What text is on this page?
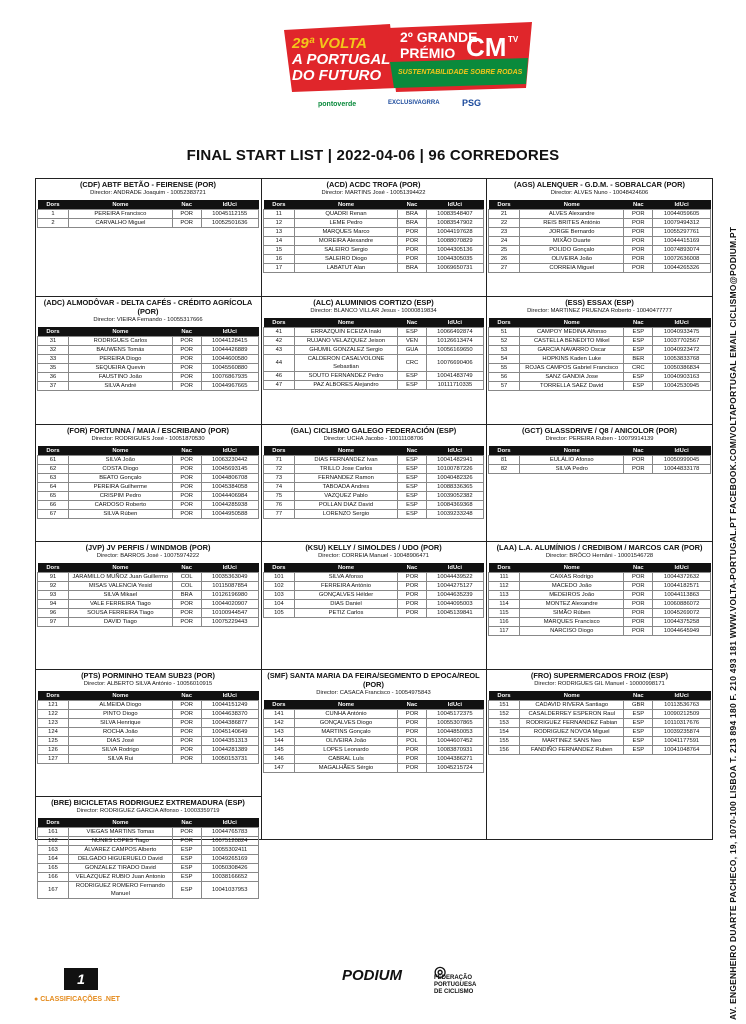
29ª VOLTA
A PORTUGAL
DO FUTURO
2º GRANDE
PRÉMIO
SUSTENTABILIDADE SOBRE RODAS
CM TV
pontoverde	EXCLUSIVAGRRA PSG
FINAL START LIST | 2022-04-06 | 96 CORREDORES
AV. ENGENHEIRO DUARTE PACHECO, 19, 1070-100 LISBOA T. 213 894 180 F. 210 493 181 WWW.VOLTA-PORTUGAL.PT FACEBOOK.COM/VOLTAPORTUGAL EMAIL CICLISMO@PODIUM.PT
(CDF) ABTF BETÃO - FEIRENSE (POR)
Director: ANDRADE Joaquim - 10052383721
Dors	Nome	Nac	IdUci
1	PEREIRA Francisco	POR	10045112155
2	CARVALHO Miguel	POR	10052501636
(ACD) ACDC TROFA (POR)
Director: MARTINS José - 10051394422
Dors	Nome	Nac	IdUci
11	QUADRI Renan	BRA	10083548407
12	LEME Pedro	BRA	10083547902
13	MARQUES Marco	POR	10044197628
14	MOREIRA Alexandre	POR	10088070829
15	SALEIRO Sergio	POR	10044305136
16	SALEIRO Diogo	POR	10044305035
17	LABATUT Alan	BRA	10069650731
(AGS) ALENQUER - G.D.M. - SOBRALCAR (POR)
Director: ALVES Nuno - 10048424606
Dors	Nome	Nac	IdUci
21	ALVES Alexandre	POR	10044059605
22	REIS BRITES António	POR	10079494312
23	JORGE Bernardo	POR	10055297761
24	MIXÃO Duarte	POR	10044415169
25	POLIDO Gonçalo	POR	10074893074
26	OLIVEIRA João	POR	10072636008
27	CORREIA Miguel	POR	10044265326
(ADC) ALMODÔVAR - DELTA CAFÉS - CRÉDITO AGRÍCOLA (POR)
Director: VIEIRA Fernando - 10055317666
Dors	Nome	Nac	IdUci
31	RODRIGUES Carlos	POR	10044128415
32	BAUWENS Tomás	POR	10044426889
33	PEREIRA Diogo	POR	10044600580
35	SEQUEIRA Quevin	POR	10045560880
36	FAUSTINO João	POR	10076867935
37	SILVA André	POR	10044967665
(ALC) ALUMINIOS CORTIZO (ESP)
Director: BLANCO VILLAR Jesus - 10000819834
Dors	Nome	Nac	IdUci
41	ERRAZQUIN ECEIZA Inaki	ESP	10066492874
42	RUJANO VELAZQUEZ Jeison	VEN	10126613474
43	GHUMIL GONZALEZ Sergio	GUA	10056169650
44	CALDERON CASALVOLONE Sebastian	CRC	10076690406
46	SOUTO FERNANDEZ Pedro	ESP	10041483749
47	PAZ ALBORES Alejandro	ESP	10111710335
(ESS) ESSAX (ESP)
Director: MARTINEZ PRUENZA Roberto - 10040477777
Dors	Nome	Nac	IdUci
51	CAMPOY MEDINA Alfonso	ESP	10040933475
52	CASTELLA BENEDITO Mikel	ESP	10037702567
53	GARCIA NAVARRO Oscar	ESP	10040923472
54	HOPKINS Kaden Luke	BER	10053833768
55	ROJAS CAMPOS Gabriel Francisco	CRC	10050386834
56	SANZ GANDIA Jose	ESP	10040903163
57	TORRELLA SAEZ David	ESP	10042530945
(FOR) FORTUNNA / MAIA / ESCRIBANO (POR)
Director: RODRIGUES José - 10051870530
Dors	Nome	Nac	IdUci
61	SILVA João	POR	10063230442
62	COSTA Diogo	POR	10045693145
63	BEATO Gonçalo	POR	10044806708
64	PEREIRA Guilherme	POR	10045384058
65	CRISPIM Pedro	POR	10044406984
66	CARDOSO Roberto	POR	10044285938
67	SILVA Rúben	POR	10044950588
(GAL) CICLISMO GALEGO FEDERACIÓN (ESP)
Director: UCHA Jacobo - 10011108706
Dors	Nome	Nac	IdUci
71	DIAS FERNANDEZ Ivan	ESP	10041482941
72	TRILLO Jose Carlos	ESP	10100787226
73	FERNANDEZ Ramon	ESP	10040482326
74	TABOADA Andres	ESP	10088336365
75	VAZQUEZ Pablo	ESP	10039052382
76	POLLAN DIAZ David	ESP	10084369368
77	LORENZO Sergio	ESP	10039233248
(GCT) GLASSDRIVE / Q8 / ANICOLOR (POR)
Director: PEREIRA Ruben - 10079914139
Dors	Nome	Nac	IdUci
81	EULÁLIO Afonso	POR	10050999045
82	SILVA Pedro	POR	10044833178
(JVP) JV PERFIS / WINDMOB (POR)
Director: BARROS José - 10075974222
Dors	Nome	Nac	IdUci
91	JARAMILLO MUÑOZ Juan Guillermo	COL	10035363049
92	MISAS VALENCIA Yesid	COL	10115087854
93	SILVA Mikael	BRA	10126196980
94	VALE FERREIRA Tiago	POR	10044020907
96	SOUSA FERREIRA Tiago	POR	10100944547
97	DAVID Tiago	POR	10075229443
(KSU) KELLY / SIMOLDES / UDO (POR)
Director: CORREIA Manuel - 10048906471
Dors	Nome	Nac	IdUci
101	SILVA Afonso	POR	10044439522
102	FERREIRA António	POR	10044275127
103	GONÇALVES Hélder	POR	10044635239
104	DIAS Daniel	POR	10044095003
105	PETIZ Carlos	POR	10045139841
(LAA) L.A. ALUMÍNIOS / CREDIBOM / MARCOS CAR (POR)
Director: BRÔCO Hernâni - 10001546728
Dors	Nome	Nac	IdUci
111	CAIXAS Rodrigo	POR	10044372632
112	MACEDO João	POR	10044182571
113	MEDEIROS João	POR	10044113863
114	MONTEZ Alexandre	POR	10060886072
115	SIMÃO Rúben	POR	10045269072
116	MARQUES Francisco	POR	10044375258
117	NARCISO Diogo	POR	10044645949
(PTS) PORMINHO TEAM SUB23 (POR)
Director: ALBERTO SILVA António - 10056010915
Dors	Nome	Nac	IdUci
121	ALMEIDA Diogo	POR	10044151249
122	PINTO Diogo	POR	10044638370
123	SILVA Henrique	POR	10044386877
124	ROCHA João	POR	10045140649
125	DIAS José	POR	10044351313
126	SILVA Rodrigo	POR	10044281389
127	SILVA Rui	POR	10050153731
(SMF) SANTA MARIA DA FEIRA/SEGMENTO D EPOCA/REOL (POR)
Director: CASACA Francisco - 10054975843
Dors	Nome	Nac	IdUci
141	CUNHA António	POR	10045172375
142	GONÇALVES Diogo	POR	10055307865
143	MARTINS Gonçalo	POR	10044850053
144	OLIVEIRA João	POL	10044607452
145	LOPES Leonardo	POR	10083870931
146	CABRAL Luís	POR	10044386271
147	MAGALHÃES Sérgio	POR	10045215724
(FRO) SUPERMERCADOS FROIZ (ESP)
Director: RODRIGUES GIL Manuel - 10000998171
Dors	Nome	Nac	IdUci
151	CADAVID RIVERA Santiago	GBR	10113536763
152	CASALDERREY ESPERON Raul	ESP	10090212509
153	RODRIGUEZ FERNANDEZ Fabian	ESP	10110317676
154	RODRIGUEZ NOVOA Miguel	ESP	10039235874
155	MARTINEZ SANS Neo	ESP	10041177591
156	FANDIÑO FERNANDEZ Ruben	ESP	10041048764
(BRE) BICICLETAS RODRIGUEZ EXTREMADURA (ESP)
Director: RODRIGUEZ GARCIA Alfonso - 10003359719
Dors	Nome	Nac	IdUci
161	VIEGAS MARTINS Tomas	POR	10044765783
162	NUNES LOPES Tiago	POR	10075120824
163	ÁLVAREZ CAMPOS Alberto	ESP	10055302411
164	DELGADO HIGUERUELO David	ESP	10049265169
165	GONZALEZ TIRADO David	ESP	10050308426
166	VELAZQUEZ RUBIO Juan Antonio	ESP	10038166652
167	RODRIGUEZ ROMERO Fernando Manuel	ESP	10041037953
1
● CLASSIFICAÇÕES .NET
PODIUM ◎
FEDERAÇÃO
PORTUGUESA
DE CICLISMO
